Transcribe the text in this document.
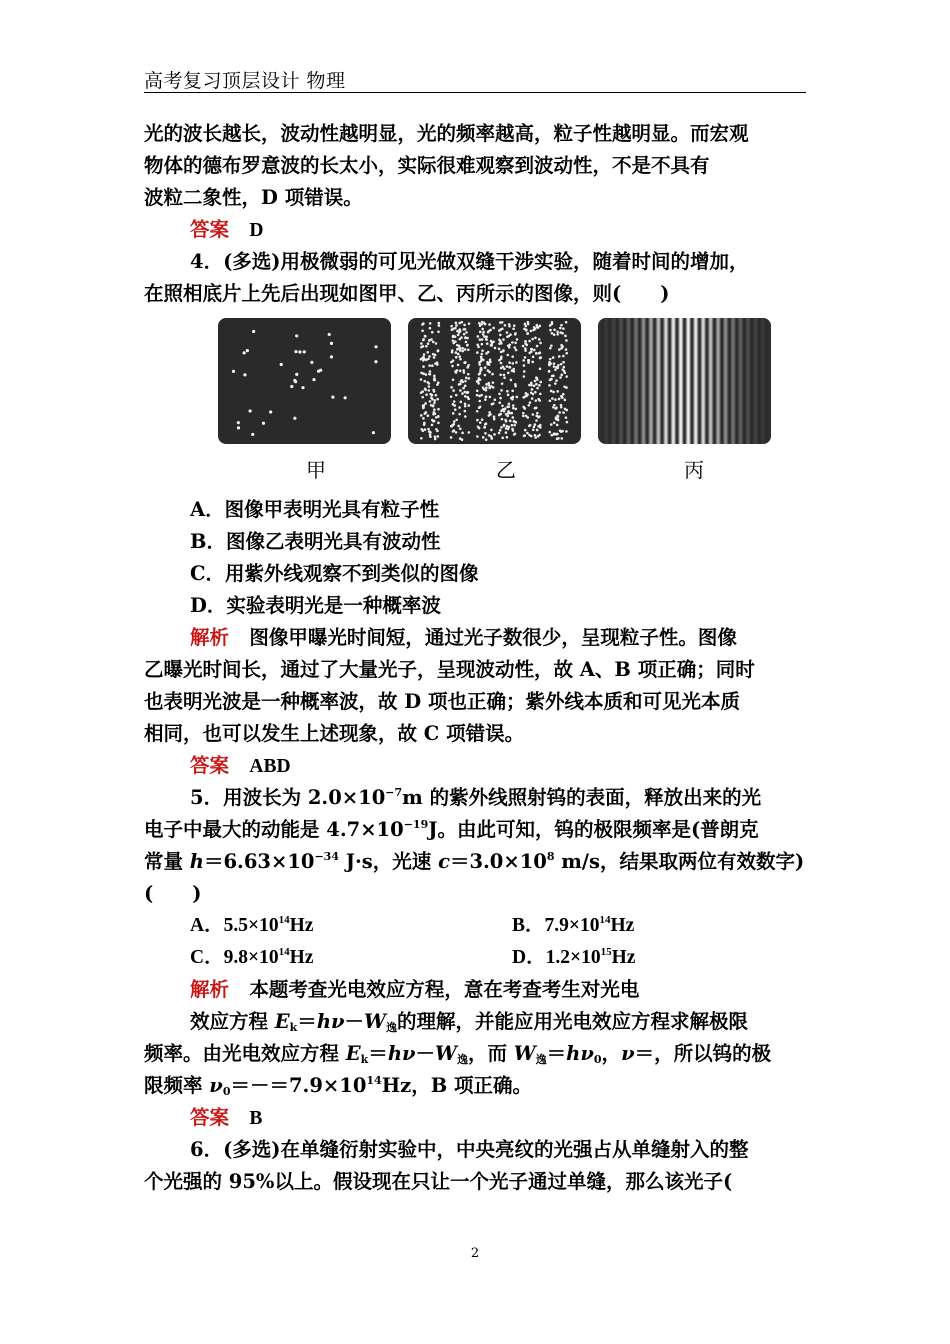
高考复习顶层设计 物理
光的波长越长，波动性越明显，光的频率越高，粒子性越明显。而宏观
物体的德布罗意波的长太小，实际很难观察到波动性，不是不具有
波粒二象性，D 项错误。
答案 D
4．(多选)用极微弱的可见光做双缝干涉实验，随着时间的增加，
在照相底片上先后出现如图甲、乙、丙所示的图像，则(　　)
甲	乙	丙
A．图像甲表明光具有粒子性
B．图像乙表明光具有波动性
C．用紫外线观察不到类似的图像
D．实验表明光是一种概率波
解析 图像甲曝光时间短，通过光子数很少，呈现粒子性。图像
乙曝光时间长，通过了大量光子，呈现波动性，故 A、B 项正确；同时
也表明光波是一种概率波，故 D 项也正确；紫外线本质和可见光本质
相同，也可以发生上述现象，故 C 项错误。
答案 ABD
5．用波长为 $2.0\times 10^{-7}m$ 的紫外线照射钨的表面，释放出来的光
电子中最大的动能是 $4.7\times 10^{-19}J$。由此可知，钨的极限频率是(普朗克
常量 $h=6.63\times 10^{-34}$ J·s，光速 $c=3.0\times 10^8$ m/s，结果取两位有效数字)
(　　)
A．$5.5\times 10^{14}Hz$	B．$7.9\times 10^{14}Hz$
C．$9.8\times 10^{14}Hz$	D．$1.2\times 10^{15}Hz$
解析 本题考查光电效应方程，意在考查考生对光电
效应方程 $E_k=h\nu-W_逸$的理解，并能应用光电效应方程求解极限
频率。由光电效应方程 $E_k=h\nu-W_逸$，而 $W_逸=h\nu_0$，ν＝，所以钨的极
限频率 $\nu_0=-=7.9\times 10^{14}Hz$，B 项正确。
答案 B
6．(多选)在单缝衍射实验中，中央亮纹的光强占从单缝射入的整
个光强的 95%以上。假设现在只让一个光子通过单缝，那么该光子(
2
